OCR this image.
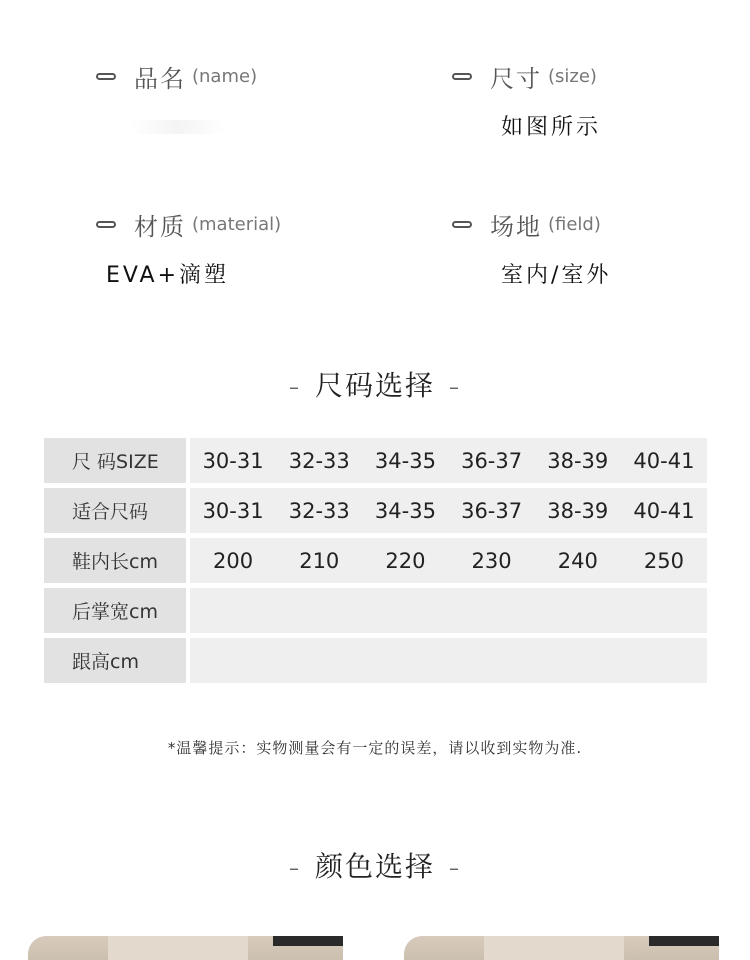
品名 (name)	尺寸 (size)
如图所示
材质 (material)
EVA+滴塑
场地 (field)
室内/室外
– 尺码选择 –
尺 码SIZE	30-31	32-33	34-35	36-37	38-39	40-41
适合尺码	30-31	32-33	34-35	36-37	38-39	40-41
鞋内长cm	200	210	220	230	240	250
后掌宽cm
跟高cm
*温馨提示：实物测量会有一定的误差，请以收到实物为准.
– 颜色选择 –
